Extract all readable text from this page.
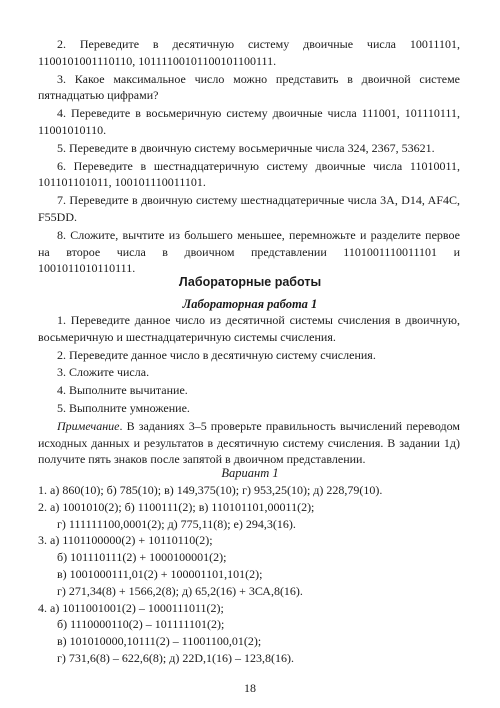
2. Переведите в десятичную систему двоичные числа 10011101, 1100101001110110, 10111100101100101100111.

3. Какое максимальное число можно представить в двоичной системе пятнадцатью цифрами?

4. Переведите в восьмеричную систему двоичные числа 111001, 101110111, 11001010110.

5. Переведите в двоичную систему восьмеричные числа 324, 2367, 53621.

6. Переведите в шестнадцатеричную систему двоичные числа 11010011, 101101101011, 100101110011101.

7. Переведите в двоичную систему шестнадцатеричные числа 3А, D14, AF4C, F55DD.

8. Сложите, вычтите из большего меньшее, перемножьте и разделите первое на второе числа в двоичном представлении 1101001110011101 и 1001011010110111.

Лабораторные работы

Лабораторная работа 1

1. Переведите данное число из десятичной системы счисления в двоичную, восьмеричную и шестнадцатеричную системы счисления.

2. Переведите данное число в десятичную систему счисления.

3. Сложите числа.

4. Выполните вычитание.

5. Выполните умножение.

Примечание. В заданиях 3–5 проверьте правильность вычислений переводом исходных данных и результатов в десятичную систему счисления. В задании 1д) получите пять знаков после запятой в двоичном представлении.

Вариант 1

1. а) 860(10); б) 785(10); в) 149,375(10); г) 953,25(10); д) 228,79(10).

2. а) 1001010(2); б) 1100111(2); в) 110101101,00011(2);

г) 111111100,0001(2); д) 775,11(8); е) 294,3(16).

3. а) 1101100000(2) + 10110110(2);

б) 101110111(2) + 1000100001(2);

в) 1001000111,01(2) + 100001101,101(2);

г) 271,34(8) + 1566,2(8); д) 65,2(16) + 3СА,8(16).

4. а) 1011001001(2) – 1000111011(2);

б) 1110000110(2) – 101111101(2);

в) 101010000,10111(2) – 11001100,01(2);

г) 731,6(8) – 622,6(8); д) 22D,1(16) – 123,8(16).

18
